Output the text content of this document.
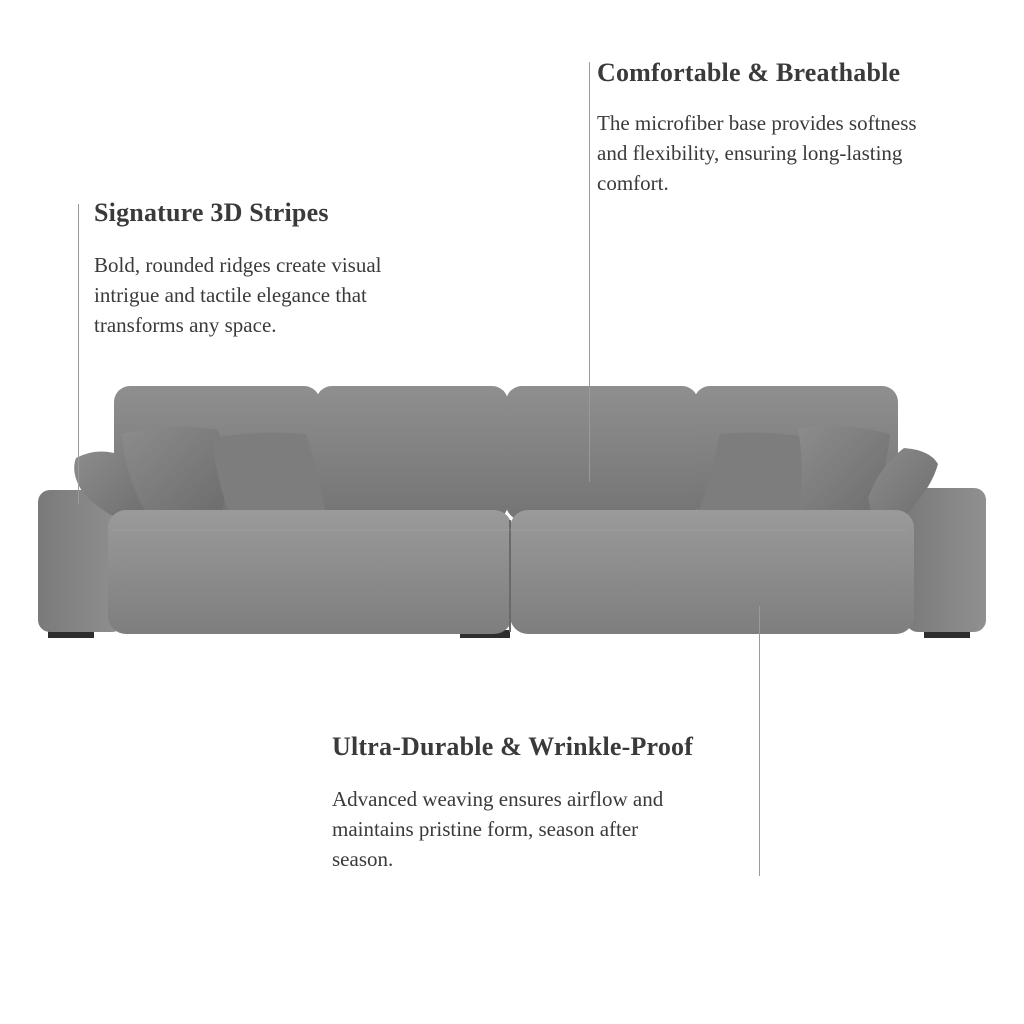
Signature 3D Stripes

Bold, rounded ridges create visual intrigue and tactile elegance that transforms any space.

Comfortable & Breathable

The microfiber base provides softness and flexibility, ensuring long-lasting comfort.

Ultra-Durable & Wrinkle-Proof

Advanced weaving ensures airflow and maintains pristine form, season after season.
